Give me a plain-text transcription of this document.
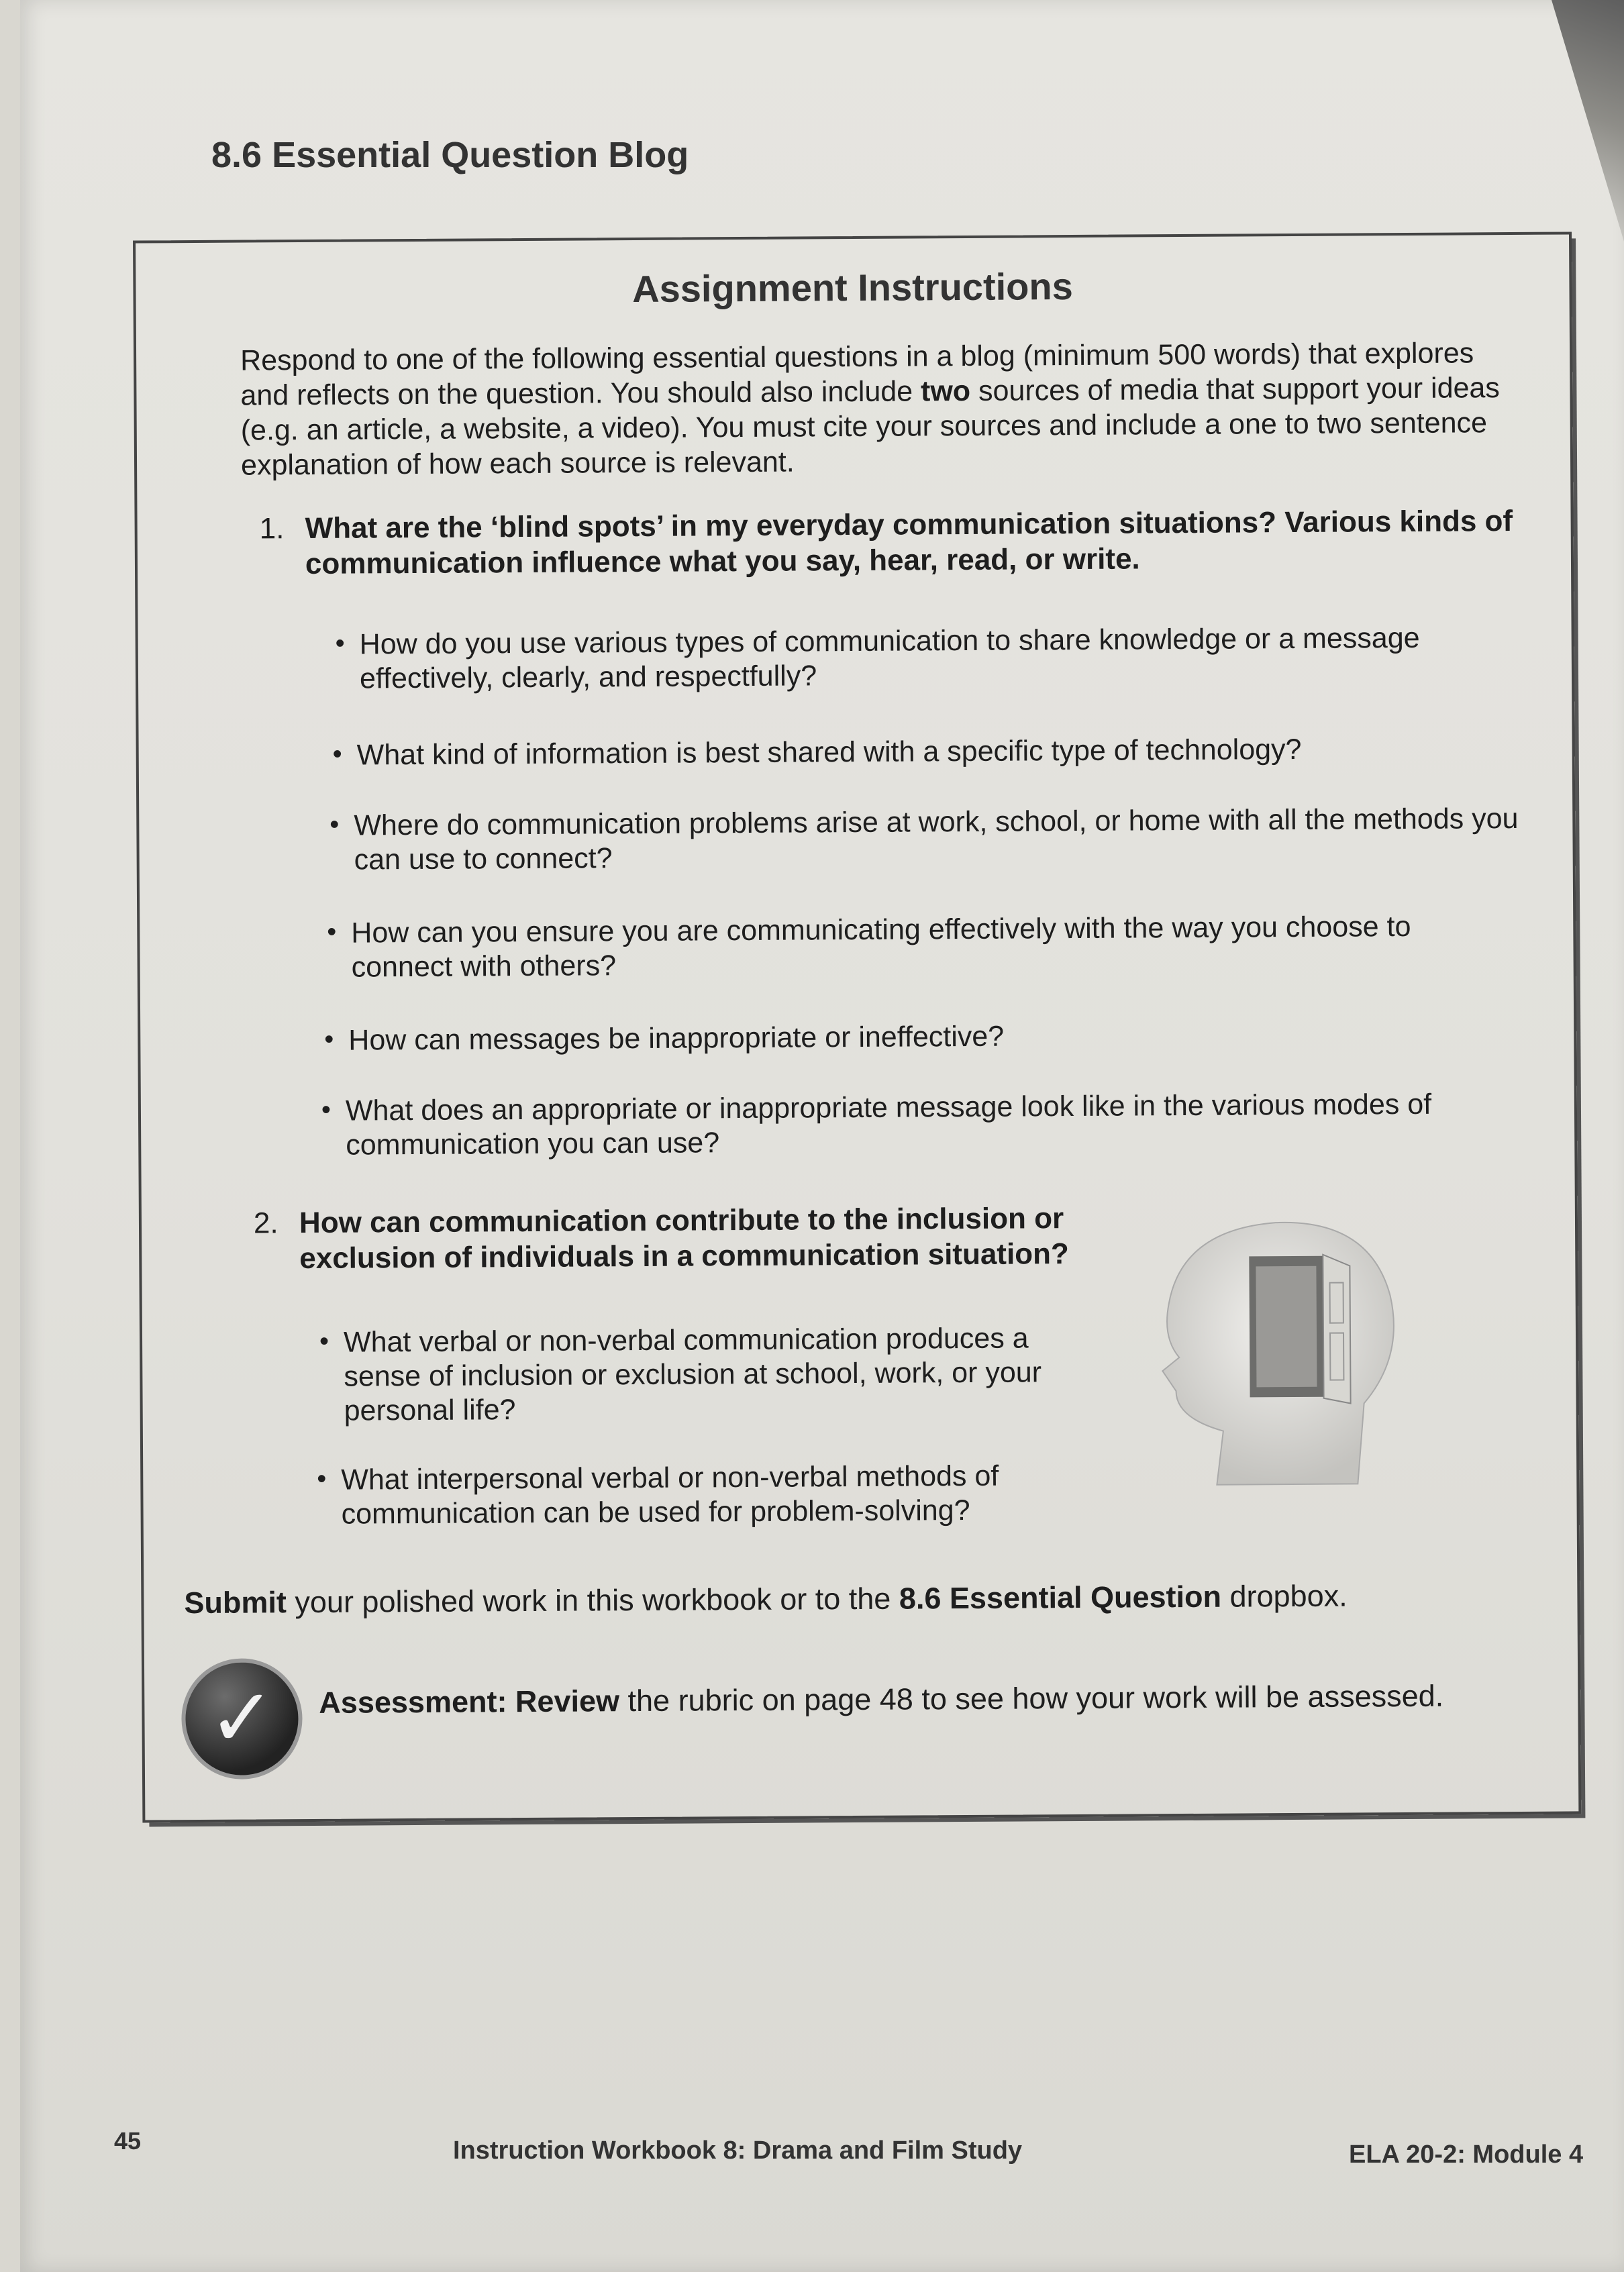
8.6 Essential Question Blog
Assignment Instructions

Respond to one of the following essential questions in a blog (minimum 500 words) that explores and reflects on the question. You should also include two sources of media that support your ideas (e.g. an article, a website, a video). You must cite your sources and include a one to two sentence explanation of how each source is relevant.

1. What are the ‘blind spots’ in my everyday communication situations? Various kinds of communication influence what you say, hear, read, or write.

• How do you use various types of communication to share knowledge or a message effectively, clearly, and respectfully?

• What kind of information is best shared with a specific type of technology?

• Where do communication problems arise at work, school, or home with all the methods you can use to connect?

• How can you ensure you are communicating effectively with the way you choose to connect with others?

• How can messages be inappropriate or ineffective?

• What does an appropriate or inappropriate message look like in the various modes of communication you can use?

2. How can communication contribute to the inclusion or exclusion of individuals in a communication situation?

• What verbal or non-verbal communication produces a sense of inclusion or exclusion at school, work, or your personal life?

• What interpersonal verbal or non-verbal methods of communication can be used for problem-solving?

Submit your polished work in this workbook or to the 8.6 Essential Question dropbox.

✓ Assessment: Review the rubric on page 48 to see how your work will be assessed.

45	Instruction Workbook 8: Drama and Film Study	ELA 20-2: Module 4
